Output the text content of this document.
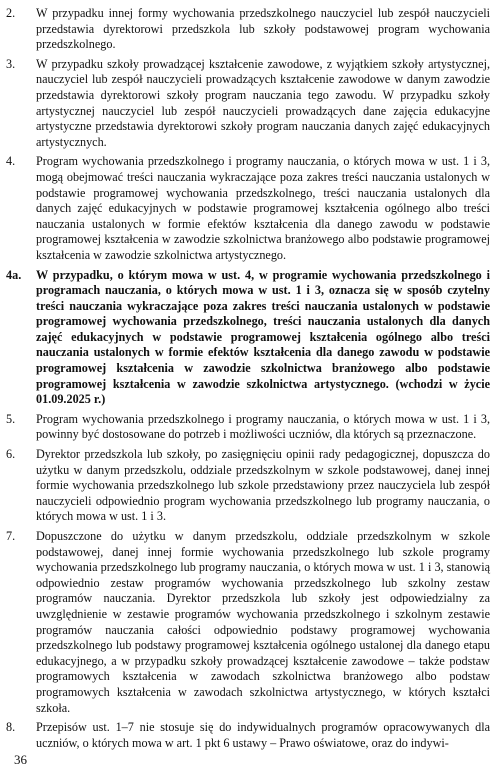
2.	W przypadku innej formy wychowania przedszkolnego nauczyciel lub zespół nauczycieli przedstawia dyrektorowi przedszkola lub szkoły podstawowej program wychowania przedszkolnego.
3.	W przypadku szkoły prowadzącej kształcenie zawodowe, z wyjątkiem szkoły artystycznej, nauczyciel lub zespół nauczycieli prowadzących kształcenie zawodowe w danym zawodzie przedstawia dyrektorowi szkoły program nauczania tego zawodu. W przypadku szkoły artystycznej nauczyciel lub zespół nauczycieli prowadzących dane zajęcia edukacyjne artystyczne przedstawia dyrektorowi szkoły program nauczania danych zajęć edukacyjnych artystycznych.
4.	Program wychowania przedszkolnego i programy nauczania, o których mowa w ust. 1 i 3, mogą obejmować treści nauczania wykraczające poza zakres treści nauczania ustalonych w podstawie programowej wychowania przedszkolnego, treści nauczania ustalonych dla danych zajęć edukacyjnych w podstawie programowej kształcenia ogólnego albo treści nauczania ustalonych w formie efektów kształcenia dla danego zawodu w podstawie programowej kształcenia w zawodzie szkolnictwa branżowego albo podstawie programowej kształcenia w zawodzie szkolnictwa artystycznego.
4a.	W przypadku, o którym mowa w ust. 4, w programie wychowania przedszkolnego i programach nauczania, o których mowa w ust. 1 i 3, oznacza się w sposób czytelny treści nauczania wykraczające poza zakres treści nauczania ustalonych w podstawie programowej wychowania przedszkolnego, treści nauczania ustalonych dla danych zajęć edukacyjnych w podstawie programowej kształcenia ogólnego albo treści nauczania ustalonych w formie efektów kształcenia dla danego zawodu w podstawie programowej kształcenia w zawodzie szkolnictwa branżowego albo podstawie programowej kształcenia w zawodzie szkolnictwa artystycznego. (wchodzi w życie 01.09.2025 r.)
5.	Program wychowania przedszkolnego i programy nauczania, o których mowa w ust. 1 i 3, powinny być dostosowane do potrzeb i możliwości uczniów, dla których są przeznaczone.
6.	Dyrektor przedszkola lub szkoły, po zasięgnięciu opinii rady pedagogicznej, dopuszcza do użytku w danym przedszkolu, oddziale przedszkolnym w szkole podstawowej, danej innej formie wychowania przedszkolnego lub szkole przedstawiony przez nauczyciela lub zespół nauczycieli odpowiednio program wychowania przedszkolnego lub programy nauczania, o których mowa w ust. 1 i 3.
7.	Dopuszczone do użytku w danym przedszkolu, oddziale przedszkolnym w szkole podstawowej, danej innej formie wychowania przedszkolnego lub szkole programy wychowania przedszkolnego lub programy nauczania, o których mowa w ust. 1 i 3, stanowią odpowiednio zestaw programów wychowania przedszkolnego lub szkolny zestaw programów nauczania. Dyrektor przedszkola lub szkoły jest odpowiedzialny za uwzględnienie w zestawie programów wychowania przedszkolnego i szkolnym zestawie programów nauczania całości odpowiednio podstawy programowej wychowania przedszkolnego lub podstawy programowej kształcenia ogólnego ustalonej dla danego etapu edukacyjnego, a w przypadku szkoły prowadzącej kształcenie zawodowe – także podstaw programowych kształcenia w zawodach szkolnictwa branżowego albo podstaw programowych kształcenia w zawodach szkolnictwa artystycznego, w których kształci szkoła.
8.	Przepisów ust. 1–7 nie stosuje się do indywidualnych programów opracowywanych dla uczniów, o których mowa w art. 1 pkt 6 ustawy – Prawo oświatowe, oraz do indywi-
36
